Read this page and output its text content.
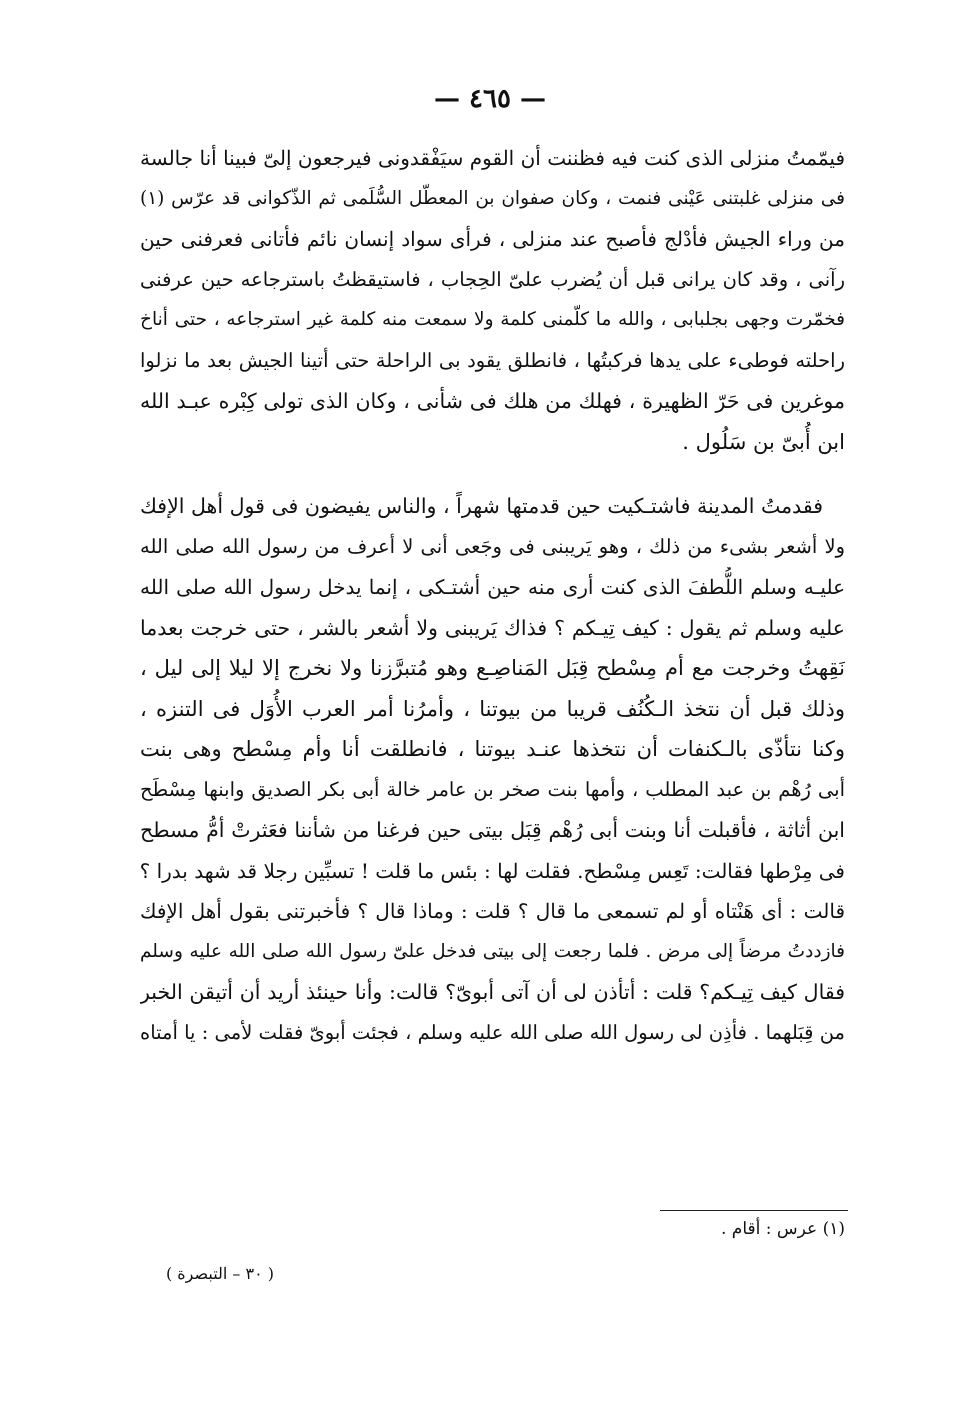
— ٤٦٥ —
فيمّمتُ منزلى الذى كنت فيه فظننت أن القوم سيَفْقدونى فيرجعون إلىّ فبينا أنا جالسة
فى منزلى غلبتنى عَيْنى فنمت ، وكان صفوان بن المعطّل السُّلَمى ثم الذّكوانى قد عرّس (١)
من وراء الجيش فأدْلج فأصبح عند منزلى ، فرأى سواد إنسان نائم فأتانى فعرفنى حين
رآنى ، وقد كان يرانى قبل أن يُضرب علىّ الحِجاب ، فاستيقظتُ باسترجاعه حين عرفنى
فخمّرت وجهى بجلبابى ، والله ما كلّمنى كلمة ولا سمعت منه كلمة غير استرجاعه ، حتى أناخ
راحلته فوطىء على يدها فركبتُها ، فانطلق يقود بى الراحلة حتى أتينا الجيش بعد ما نزلوا
موغرين فى حَرّ الظهيرة ، فهلك من هلك فى شأنى ، وكان الذى تولى كِبْره عبـد الله
ابن أُبىّ بن سَلُول .
فقدمتُ المدينة فاشتـكيت حين قدمتها شهراً ، والناس يفيضون فى قول أهل الإفك
ولا أشعر بشىء من ذلك ، وهو يَريبنى فى وجَعى أنى لا أعرف من رسول الله صلى الله
عليـه وسلم اللُّطفَ الذى كنت أرى منه حين أشتـكى ، إنما يدخل رسول الله صلى الله
عليه وسلم ثم يقول : كيف تِيـكم ؟ فذاك يَريبنى ولا أشعر بالشر ، حتى خرجت بعدما
نَقِهتُ وخرجت مع أم مِسْطح قِبَل المَناصِـع وهو مُتبرَّزنا ولا نخرج إلا ليلا إلى ليل ،
وذلك قبل أن نتخذ الـكُنُف قريبا من بيوتنا ، وأمرُنا أمر العرب الأُوَل فى التنزه ،
وكنا نتأذّى بالـكنفات أن نتخذها عنـد بيوتنا ، فانطلقت أنا وأم مِسْطح وهى بنت
أبى رُهْم بن عبد المطلب ، وأمها بنت صخر بن عامر خالة أبى بكر الصديق وابنها مِسْطَح
ابن أثاثة ، فأقبلت أنا وبنت أبى رُهْم قِبَل بيتى حين فرغنا من شأننا فعَثرتْ أمُّ مسطح
فى مِرْطها فقالت: تَعِس مِسْطح. فقلت لها : بئس ما قلت ! تسبِّين رجلا قد شهد بدرا ؟
قالت : أى هَنْتاه أو لم تسمعى ما قال ؟ قلت : وماذا قال ؟ فأخبرتنى بقول أهل الإفك
فازددتُ مرضاً إلى مرض . فلما رجعت إلى بيتى فدخل علىّ رسول الله صلى الله عليه وسلم
فقال كيف تِيـكم؟ قلت : أتأذن لى أن آتى أبوىّ؟ قالت: وأنا حينئذ أريد أن أتيقن الخبر
من قِبَلهما . فأذِن لى رسول الله صلى الله عليه وسلم ، فجئت أبوىّ فقلت لأمى : يا أمتاه
(١) عرس : أقام .
( ٣٠ – التبصرة )
